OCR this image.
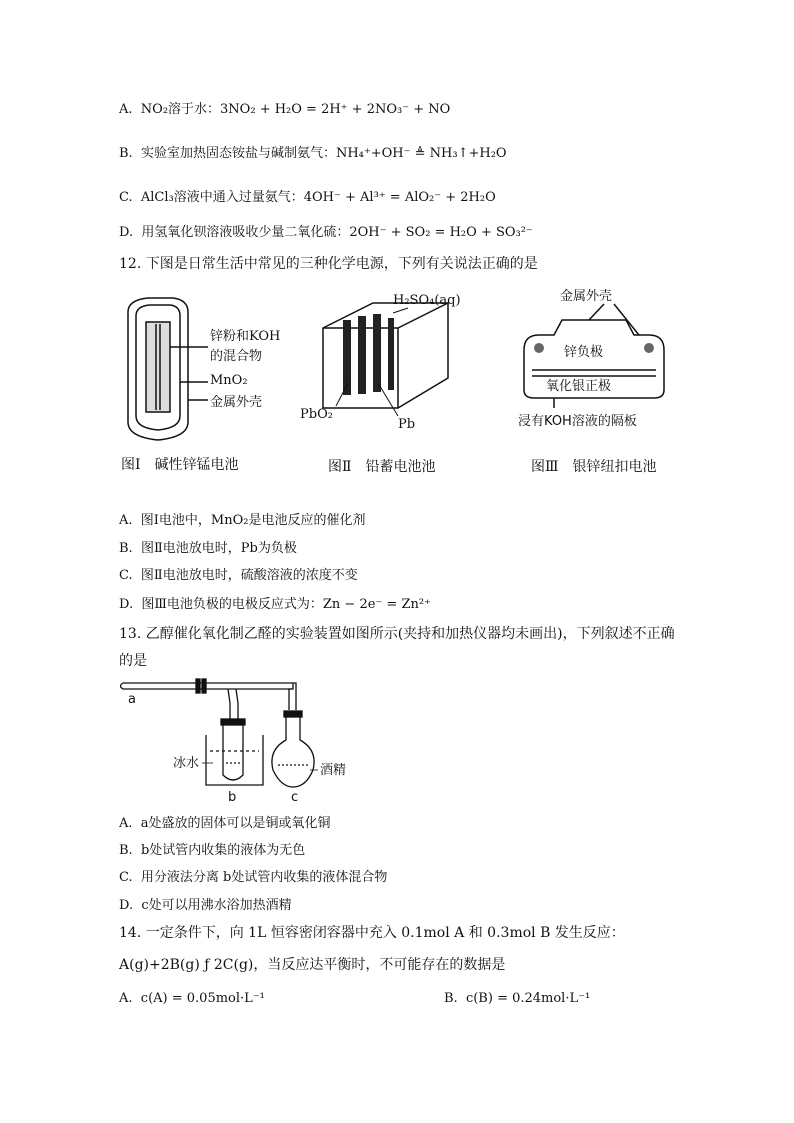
A. NO₂溶于水：3NO₂ + H₂O = 2H⁺ + 2NO₃⁻ + NO
B. 实验室加热固态铵盐与碱制氨气：NH₄⁺+OH⁻ ≜ NH₃↑+H₂O
C. AlCl₃溶液中通入过量氨气：4OH⁻ + Al³⁺ = AlO₂⁻ + 2H₂O
D. 用氢氧化钡溶液吸收少量二氧化硫：2OH⁻ + SO₂ = H₂O + SO₃²⁻
12. 下图是日常生活中常见的三种化学电源，下列有关说法正确的是
锌粉和KOH
的混合物
MnO₂
金属外壳
图Ⅰ　碱性锌锰电池
H₂SO₄(aq)
PbO₂
Pb
图Ⅱ　铅蓄电池池
金属外壳
锌负极
氧化银正极
浸有KOH溶液的隔板
图Ⅲ　银锌纽扣电池
A. 图Ⅰ电池中，MnO₂是电池反应的催化剂
B. 图Ⅱ电池放电时，Pb为负极
C. 图Ⅱ电池放电时，硫酸溶液的浓度不变
D. 图Ⅲ电池负极的电极反应式为：Zn − 2e⁻ = Zn²⁺
13. 乙醇催化氧化制乙醛的实验装置如图所示(夹持和加热仪器均未画出)，下列叙述不正确
的是
a
b	c
冰水	酒精
A. a处盛放的固体可以是铜或氧化铜
B. b处试管内收集的液体为无色
C. 用分液法分离 b处试管内收集的液体混合物
D. c处可以用沸水浴加热酒精
14. 一定条件下，向 1L 恒容密闭容器中充入 0.1mol A 和 0.3mol B 发生反应：
A(g)+2B(g) ƒ 2C(g)，当反应达平衡时，不可能存在的数据是
A. c(A) = 0.05mol·L⁻¹	B. c(B) = 0.24mol·L⁻¹
